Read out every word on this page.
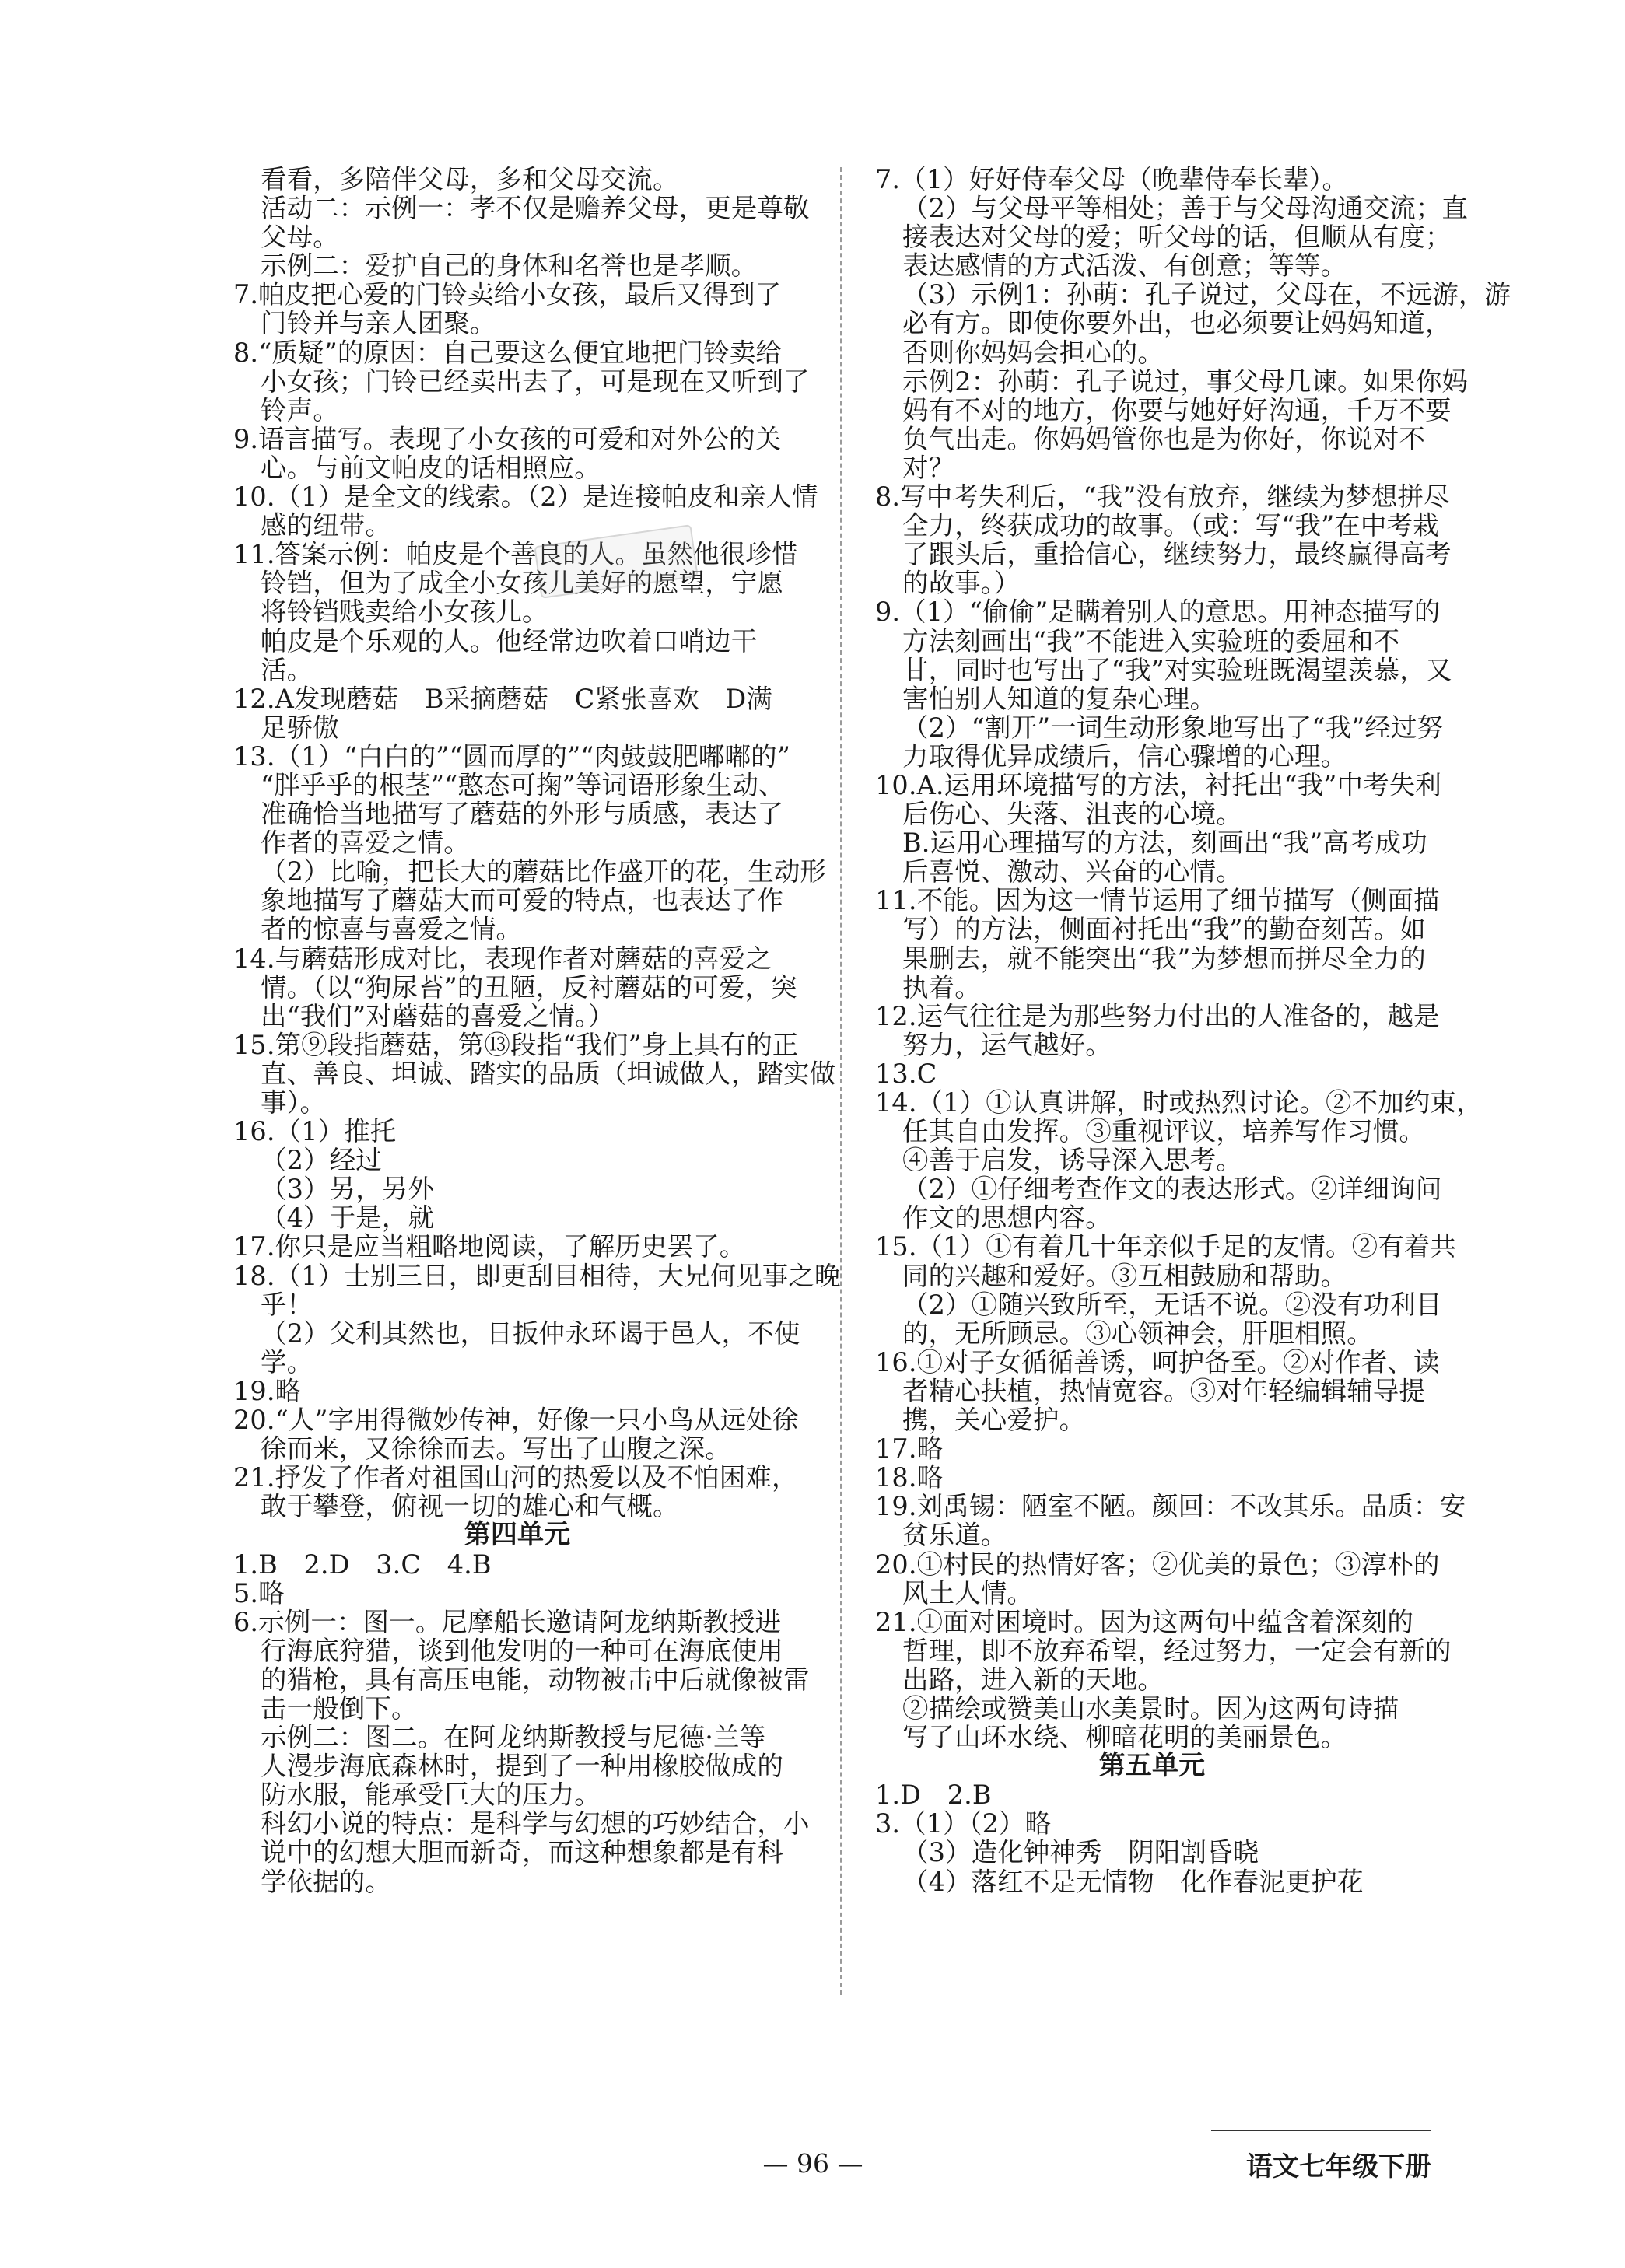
看看，多陪伴父母，多和父母交流。
活动二：示例一：孝不仅是赡养父母，更是尊敬
父母。
示例二：爱护自己的身体和名誉也是孝顺。
7.帕皮把心爱的门铃卖给小女孩，最后又得到了
门铃并与亲人团聚。
8.“质疑”的原因：自己要这么便宜地把门铃卖给
小女孩；门铃已经卖出去了，可是现在又听到了
铃声。
9.语言描写。表现了小女孩的可爱和对外公的关
心。与前文帕皮的话相照应。
10.（1）是全文的线索。（2）是连接帕皮和亲人情
感的纽带。
11.答案示例：帕皮是个善良的人。虽然他很珍惜
铃铛，但为了成全小女孩儿美好的愿望，宁愿
将铃铛贱卖给小女孩儿。
帕皮是个乐观的人。他经常边吹着口哨边干
活。
12.A发现蘑菇　B采摘蘑菇　C紧张喜欢　D满
足骄傲
13.（1）“白白的”“圆而厚的”“肉鼓鼓肥嘟嘟的”
“胖乎乎的根茎”“憨态可掬”等词语形象生动、
准确恰当地描写了蘑菇的外形与质感，表达了
作者的喜爱之情。
（2）比喻，把长大的蘑菇比作盛开的花，生动形
象地描写了蘑菇大而可爱的特点，也表达了作
者的惊喜与喜爱之情。
14.与蘑菇形成对比，表现作者对蘑菇的喜爱之
情。（以“狗尿苔”的丑陋，反衬蘑菇的可爱，突
出“我们”对蘑菇的喜爱之情。）
15.第⑨段指蘑菇，第⑬段指“我们”身上具有的正
直、善良、坦诚、踏实的品质（坦诚做人，踏实做
事）。
16.（1）推托
（2）经过
（3）另，另外
（4）于是，就
17.你只是应当粗略地阅读，了解历史罢了。
18.（1）士别三日，即更刮目相待，大兄何见事之晚
乎！
（2）父利其然也，日扳仲永环谒于邑人，不使
学。
19.略
20.“人”字用得微妙传神，好像一只小鸟从远处徐
徐而来，又徐徐而去。写出了山腹之深。
21.抒发了作者对祖国山河的热爱以及不怕困难，
敢于攀登，俯视一切的雄心和气概。
第四单元
1.B　2.D　3.C　4.B
5.略
6.示例一：图一。尼摩船长邀请阿龙纳斯教授进
行海底狩猎，谈到他发明的一种可在海底使用
的猎枪，具有高压电能，动物被击中后就像被雷
击一般倒下。
示例二：图二。在阿龙纳斯教授与尼德·兰等
人漫步海底森林时，提到了一种用橡胶做成的
防水服，能承受巨大的压力。
科幻小说的特点：是科学与幻想的巧妙结合，小
说中的幻想大胆而新奇，而这种想象都是有科
学依据的。
7.（1）好好侍奉父母（晚辈侍奉长辈）。
（2）与父母平等相处；善于与父母沟通交流；直
接表达对父母的爱；听父母的话，但顺从有度；
表达感情的方式活泼、有创意；等等。
（3）示例1：孙萌：孔子说过，父母在，不远游，游
必有方。即使你要外出，也必须要让妈妈知道，
否则你妈妈会担心的。
示例2：孙萌：孔子说过，事父母几谏。如果你妈
妈有不对的地方，你要与她好好沟通，千万不要
负气出走。你妈妈管你也是为你好，你说对不
对？
8.写中考失利后，“我”没有放弃，继续为梦想拼尽
全力，终获成功的故事。（或：写“我”在中考栽
了跟头后，重拾信心，继续努力，最终赢得高考
的故事。）
9.（1）“偷偷”是瞒着别人的意思。用神态描写的
方法刻画出“我”不能进入实验班的委屈和不
甘，同时也写出了“我”对实验班既渴望羡慕，又
害怕别人知道的复杂心理。
（2）“割开”一词生动形象地写出了“我”经过努
力取得优异成绩后，信心骤增的心理。
10.A.运用环境描写的方法，衬托出“我”中考失利
后伤心、失落、沮丧的心境。
B.运用心理描写的方法，刻画出“我”高考成功
后喜悦、激动、兴奋的心情。
11.不能。因为这一情节运用了细节描写（侧面描
写）的方法，侧面衬托出“我”的勤奋刻苦。如
果删去，就不能突出“我”为梦想而拼尽全力的
执着。
12.运气往往是为那些努力付出的人准备的，越是
努力，运气越好。
13.C
14.（1）①认真讲解，时或热烈讨论。②不加约束，
任其自由发挥。③重视评议，培养写作习惯。
④善于启发，诱导深入思考。
（2）①仔细考查作文的表达形式。②详细询问
作文的思想内容。
15.（1）①有着几十年亲似手足的友情。②有着共
同的兴趣和爱好。③互相鼓励和帮助。
（2）①随兴致所至，无话不说。②没有功利目
的，无所顾忌。③心领神会，肝胆相照。
16.①对子女循循善诱，呵护备至。②对作者、读
者精心扶植，热情宽容。③对年轻编辑辅导提
携，关心爱护。
17.略
18.略
19.刘禹锡：陋室不陋。颜回：不改其乐。品质：安
贫乐道。
20.①村民的热情好客；②优美的景色；③淳朴的
风土人情。
21.①面对困境时。因为这两句中蕴含着深刻的
哲理，即不放弃希望，经过努力，一定会有新的
出路，进入新的天地。
②描绘或赞美山水美景时。因为这两句诗描
写了山环水绕、柳暗花明的美丽景色。
第五单元
1.D　2.B
3.（1）（2）略
（3）造化钟神秀　阴阳割昏晓
（4）落红不是无情物　化作春泥更护花
— 96 —	语文七年级下册
